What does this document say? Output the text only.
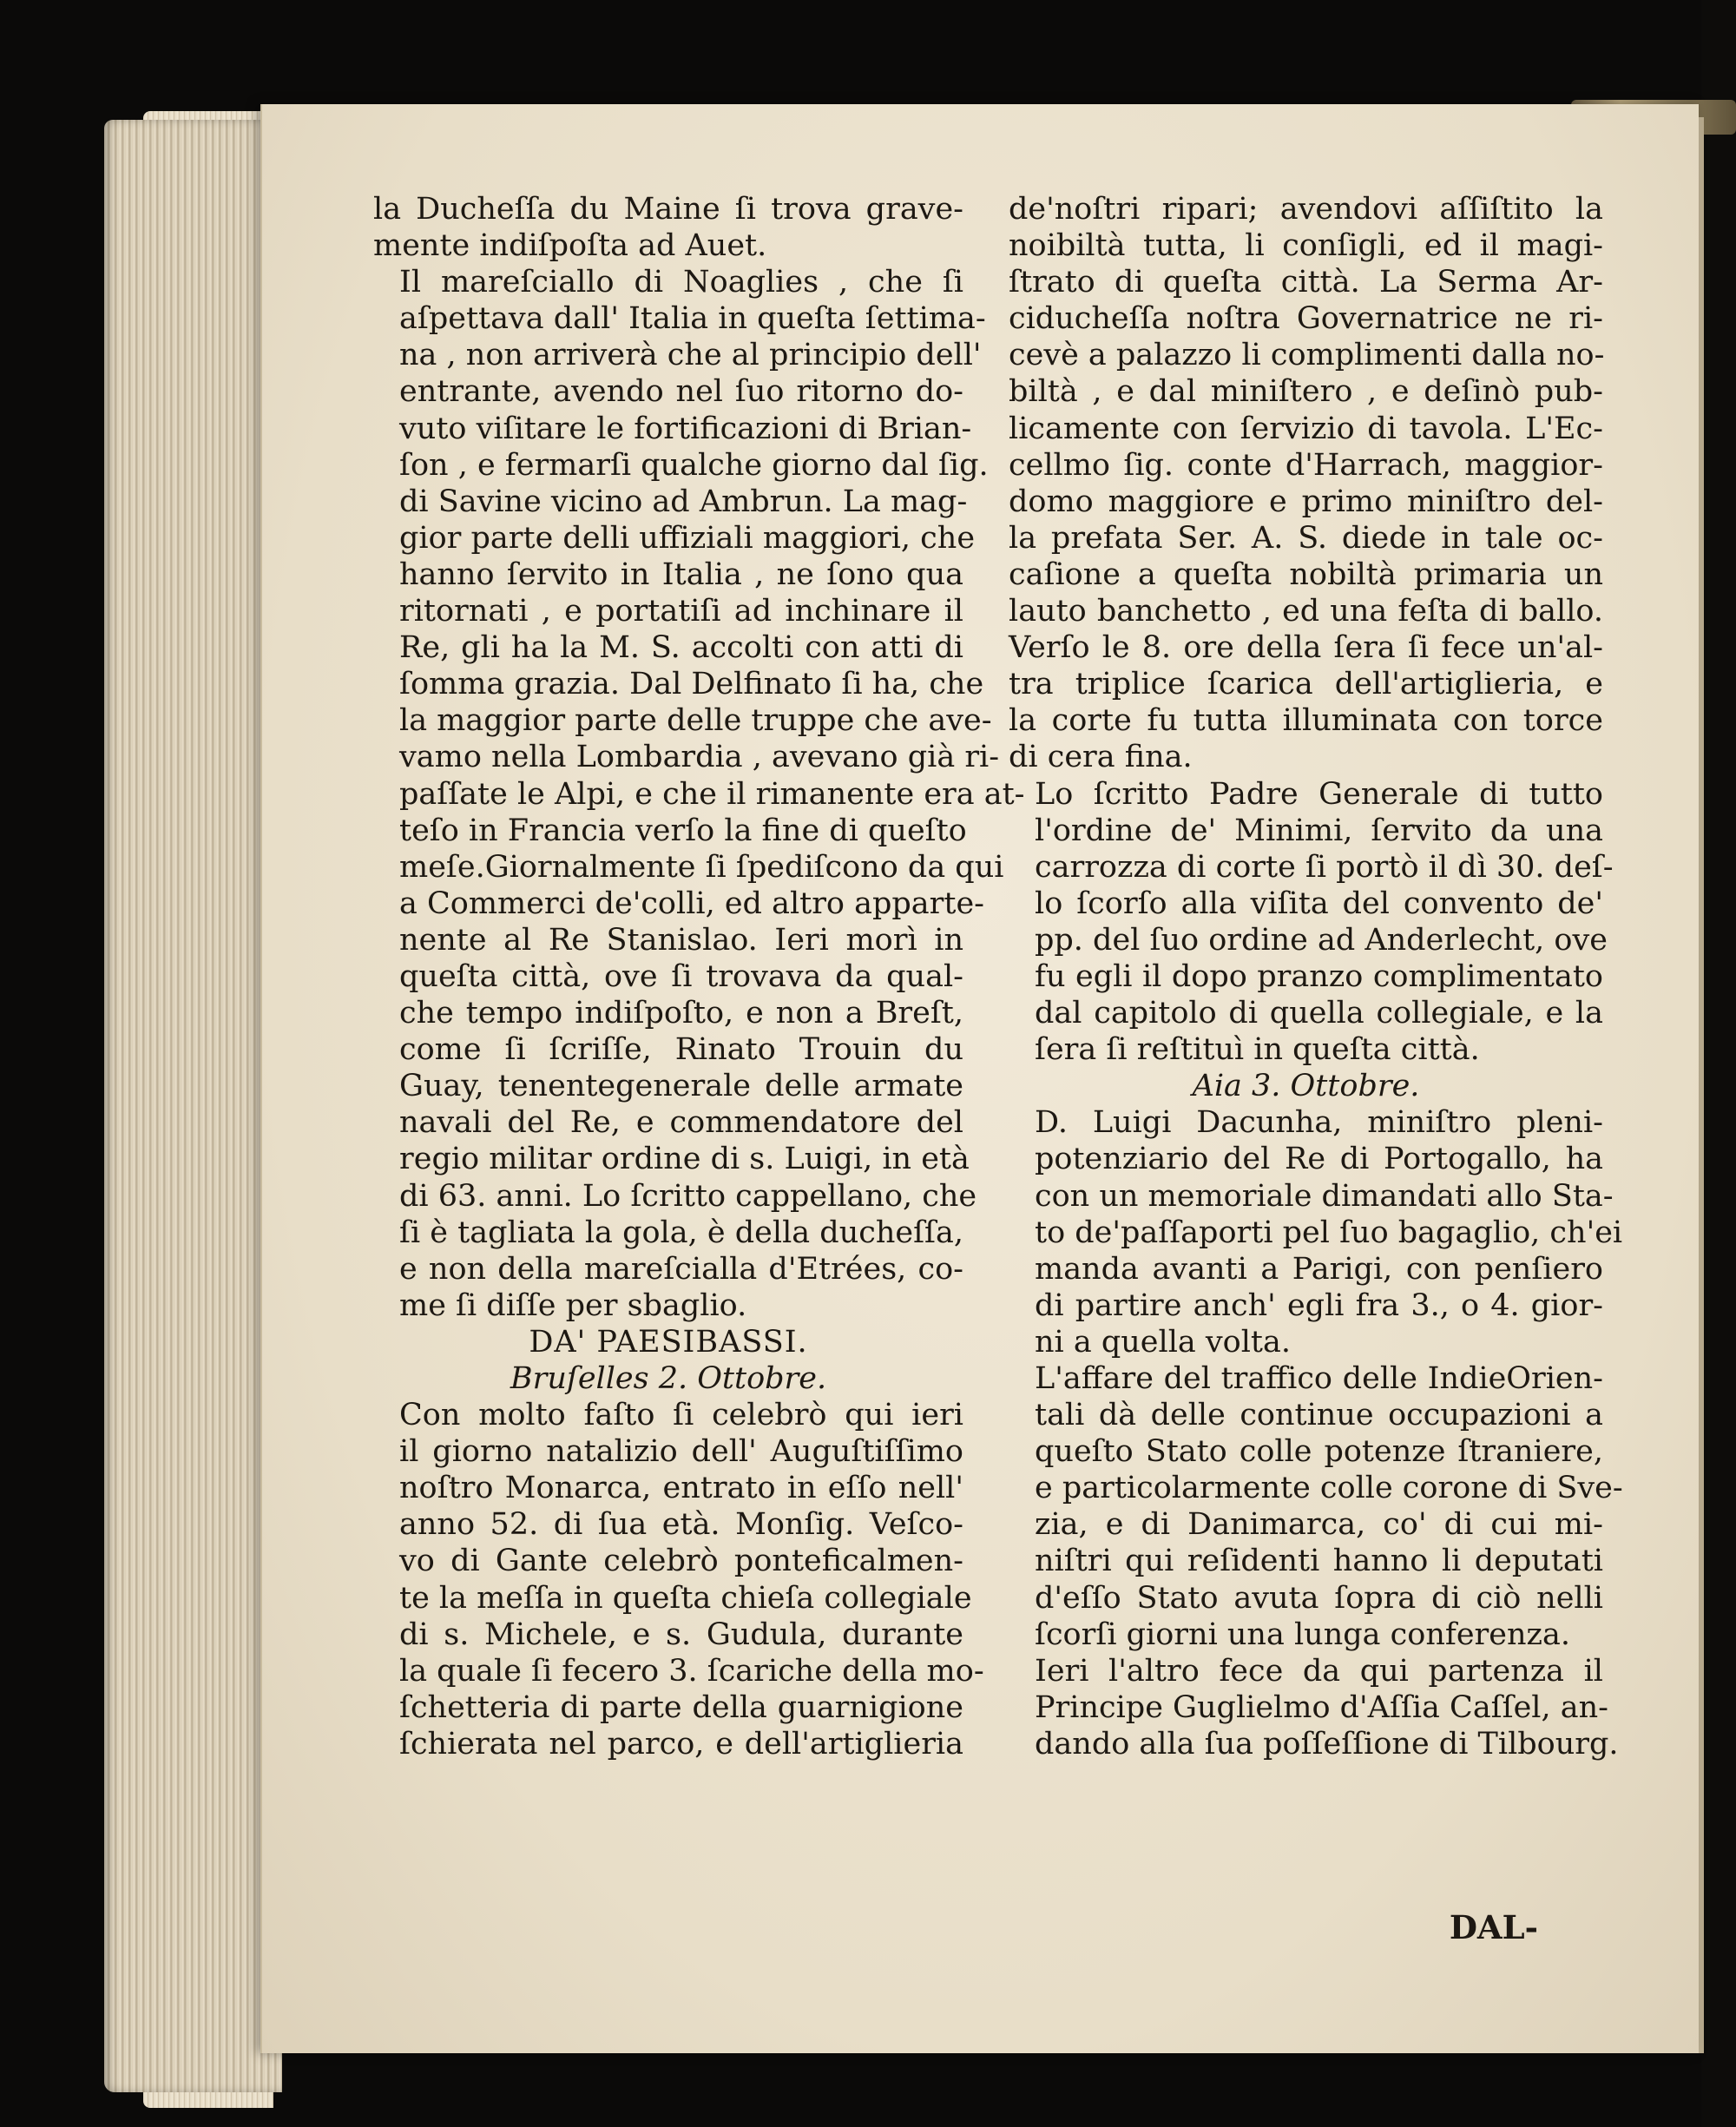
la Ducheſſa du Maine ſi trova grave-
mente indiſpoſta ad Auet.

Il mareſciallo di Noaglies , che ſi
aſpettava dall' Italia in queſta ſettima-
na , non arriverà che al principio dell'
entrante, avendo nel ſuo ritorno do-
vuto viſitare le fortificazioni di Brian-
ſon , e fermarſi qualche giorno dal ſig.
di Savine vicino ad Ambrun. La mag-
gior parte delli uffiziali maggiori, che
hanno ſervito in Italia , ne ſono qua
ritornati , e portatiſi ad inchinare il
Re, gli ha la M. S. accolti con atti di
ſomma grazia. Dal Delfinato ſi ha, che
la maggior parte delle truppe che ave-
vamo nella Lombardia , avevano già ri-
paſſate le Alpi, e che il rimanente era at-
teſo in Francia verſo la fine di queſto
meſe.Giornalmente ſi ſpediſcono da qui
a Commerci de'colli, ed altro apparte-
nente al Re Stanislao. Ieri morì in
queſta città, ove ſi trovava da qual-
che tempo indiſpoſto, e non a Breſt,
come ſi ſcriſſe, Rinato Trouin du
Guay, tenentegenerale delle armate
navali del Re, e commendatore del
regio militar ordine di s. Luigi, in età
di 63. anni. Lo ſcritto cappellano, che
ſi è tagliata la gola, è della ducheſſa,
e non della mareſcialla d'Etrées, co-
me ſi diſſe per sbaglio.

DA' PAESIBASSI.

Bruſelles 2. Ottobre.

Con molto faſto ſi celebrò qui ieri
il giorno natalizio dell' Auguſtiſſimo
noſtro Monarca, entrato in eſſo nell'
anno 52. di ſua età. Monſig. Veſco-
vo di Gante celebrò ponteficalmen-
te la meſſa in queſta chieſa collegiale
di s. Michele, e s. Gudula, durante
la quale ſi fecero 3. ſcariche della mo-
ſchetteria di parte della guarnigione
ſchierata nel parco, e dell'artiglieria

de'noſtri ripari; avendovi aſſiſtito la
noibiltà tutta, li conſigli, ed il magi-
ſtrato di queſta città. La Serma Ar-
ciducheſſa noſtra Governatrice ne ri-
cevè a palazzo li complimenti dalla no-
biltà , e dal miniſtero , e deſinò pub-
licamente con ſervizio di tavola. L'Ec-
cellmo ſig. conte d'Harrach, maggior-
domo maggiore e primo miniſtro del-
la prefata Ser. A. S. diede in tale oc-
caſione a queſta nobiltà primaria un
lauto banchetto , ed una feſta di ballo.
Verſo le 8. ore della ſera ſi fece un'al-
tra triplice ſcarica dell'artiglieria, e
la corte fu tutta illuminata con torce
di cera fina.

Lo ſcritto Padre Generale di tutto
l'ordine de' Minimi, ſervito da una
carrozza di corte ſi portò il dì 30. deſ-
lo ſcorſo alla viſita del convento de'
pp. del ſuo ordine ad Anderlecht, ove
fu egli il dopo pranzo complimentato
dal capitolo di quella collegiale, e la
ſera ſi reſtituì in queſta città.

Aia 3. Ottobre.

D. Luigi Dacunha, miniſtro pleni-
potenziario del Re di Portogallo, ha
con un memoriale dimandati allo Sta-
to de'paſſaporti pel ſuo bagaglio, ch'ei
manda avanti a Parigi, con penſiero
di partire anch' egli fra 3., o 4. gior-
ni a quella volta.

L'affare del traffico delle IndieOrien-
tali dà delle continue occupazioni a
queſto Stato colle potenze ſtraniere,
e particolarmente colle corone di Sve-
zia, e di Danimarca, co' di cui mi-
niſtri qui reſidenti hanno li deputati
d'eſſo Stato avuta ſopra di ciò nelli
ſcorſi giorni una lunga conferenza.

Ieri l'altro fece da qui partenza il
Principe Guglielmo d'Aſſia Caſſel, an-
dando alla ſua poſſeſſione di Tilbourg.

DAL-
